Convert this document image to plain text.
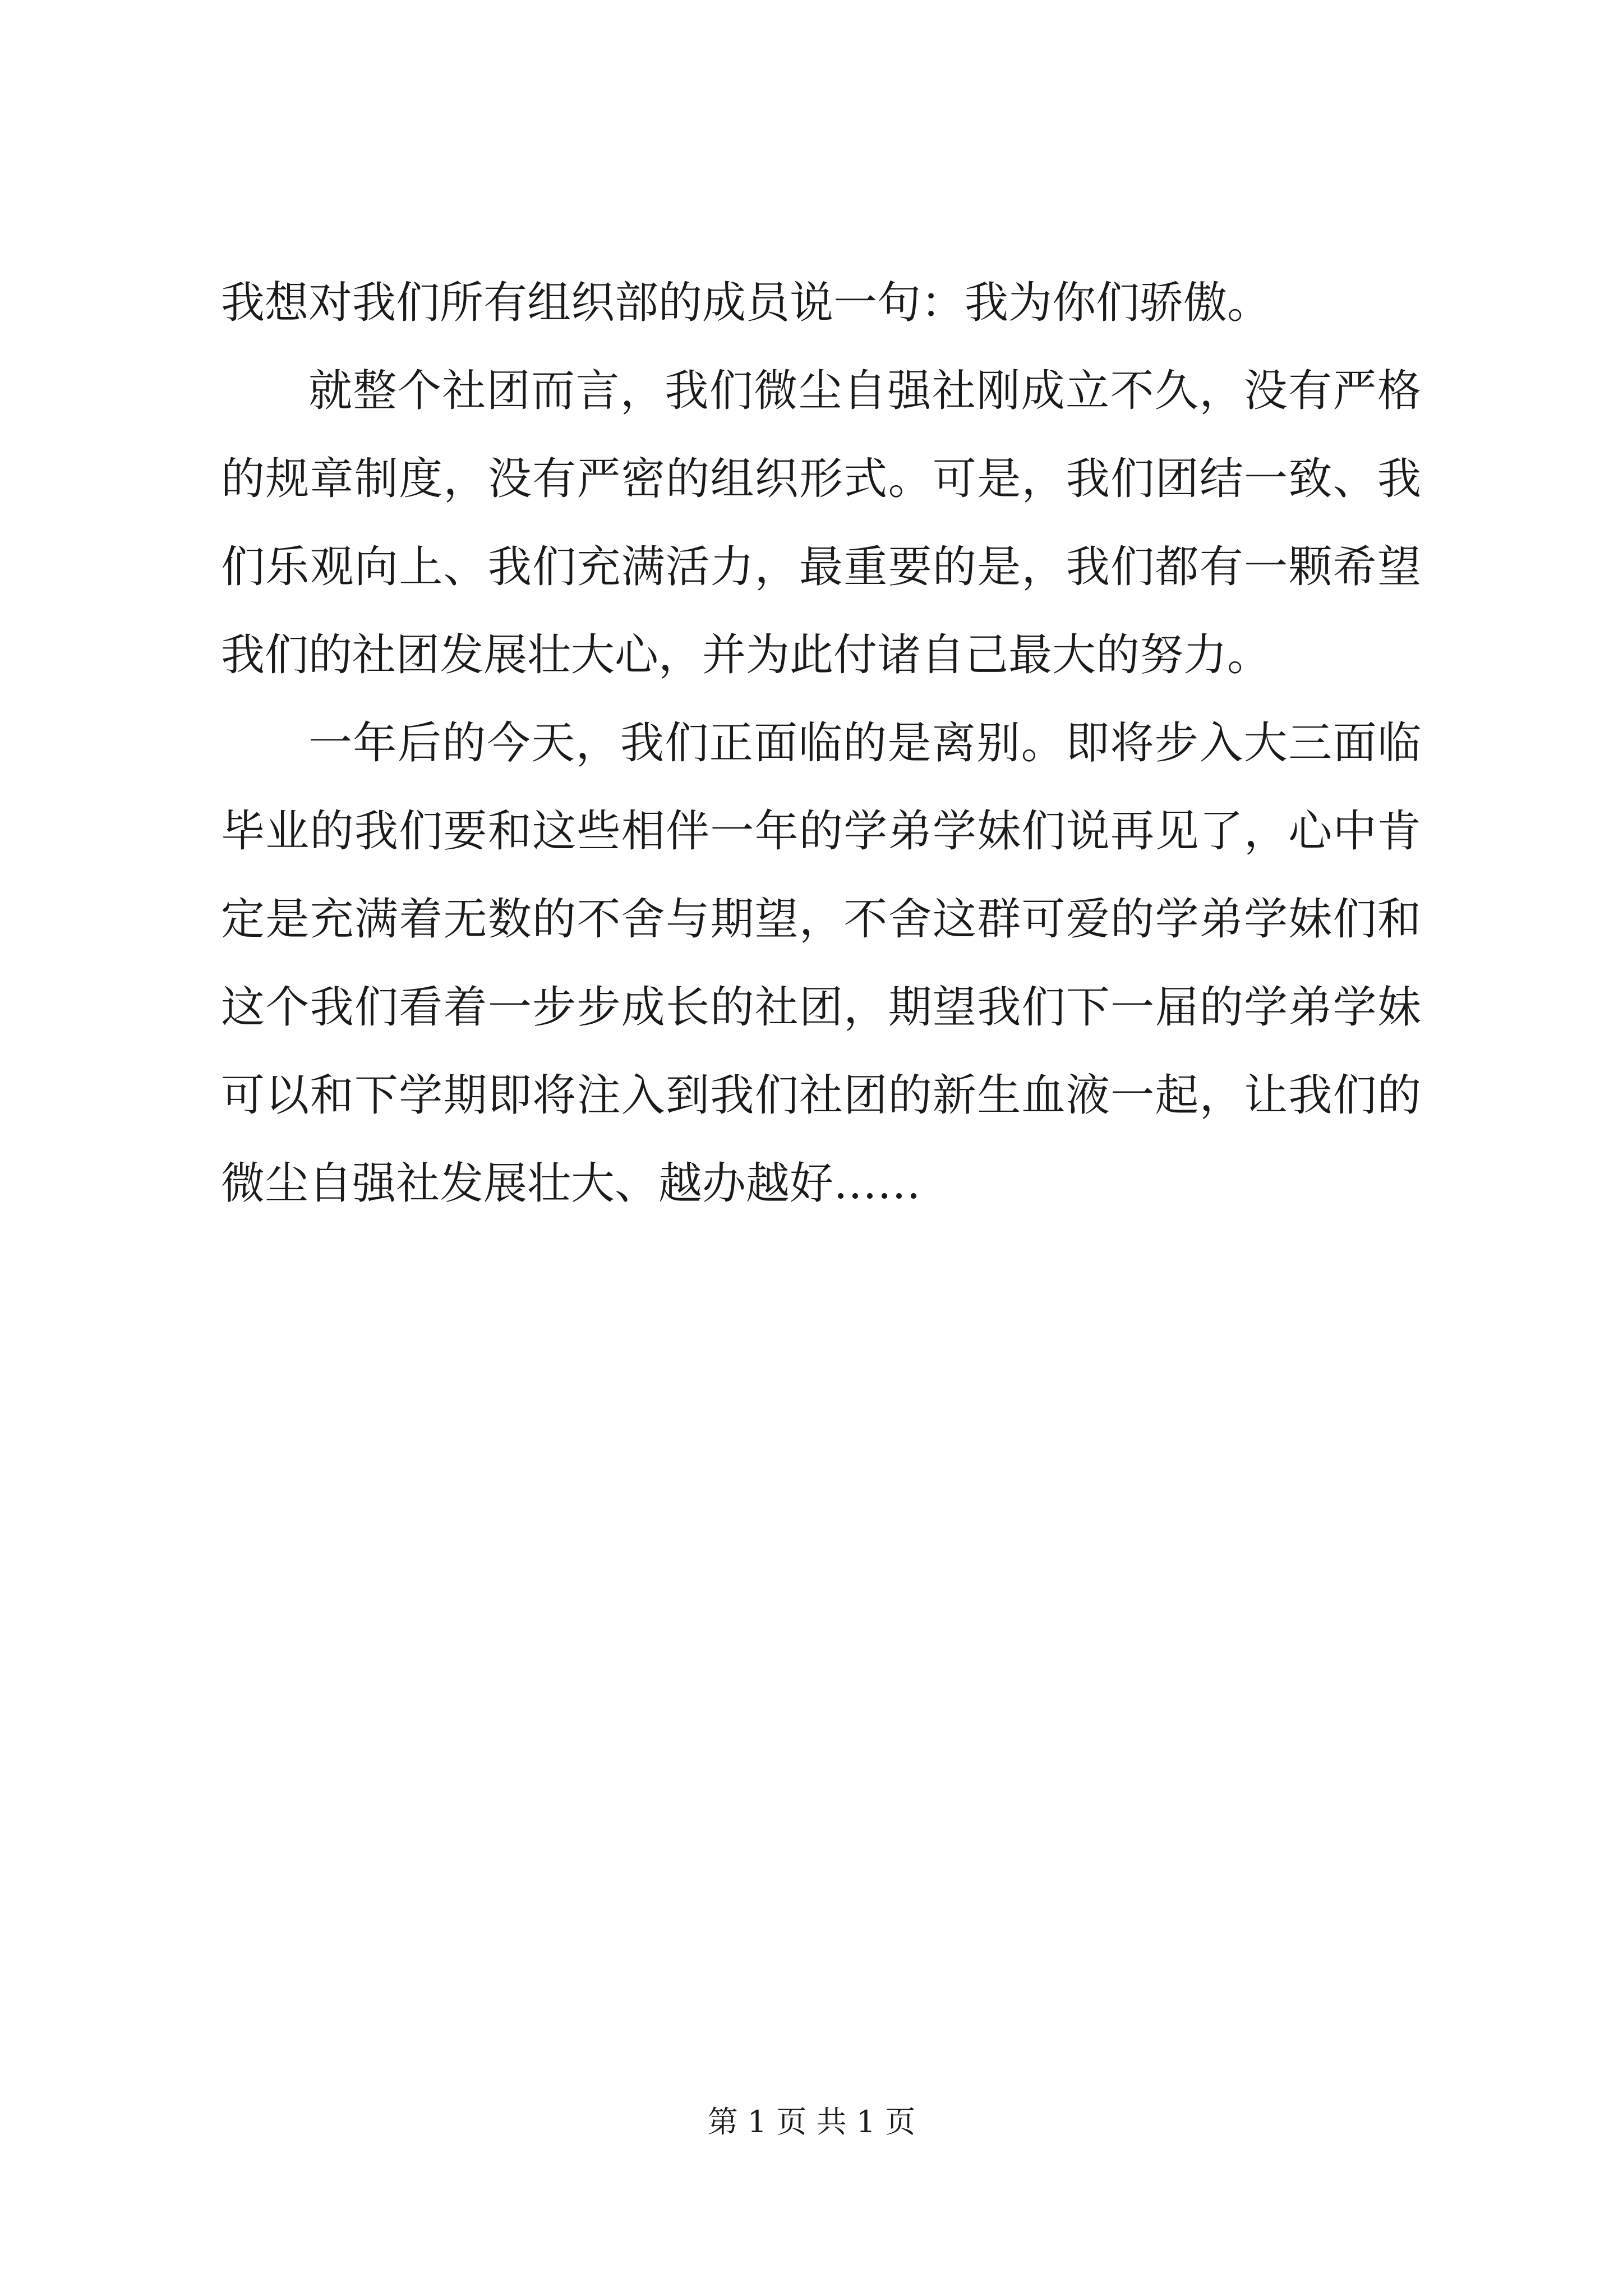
我想对我们所有组织部的成员说一句：我为你们骄傲。

就整个社团而言，我们微尘自强社刚成立不久，没有严格的规章制度，没有严密的组织形式。可是，我们团结一致、我们乐观向上、我们充满活力，最重要的是，我们都有一颗希望我们的社团发展壮大心，并为此付诸自己最大的努力。

一年后的今天，我们正面临的是离别。即将步入大三面临毕业的我们要和这些相伴一年的学弟学妹们说再见了，心中肯定是充满着无数的不舍与期望，不舍这群可爱的学弟学妹们和这个我们看着一步步成长的社团，期望我们下一届的学弟学妹可以和下学期即将注入到我们社团的新生血液一起，让我们的微尘自强社发展壮大、越办越好……

第 1 页 共 1 页
